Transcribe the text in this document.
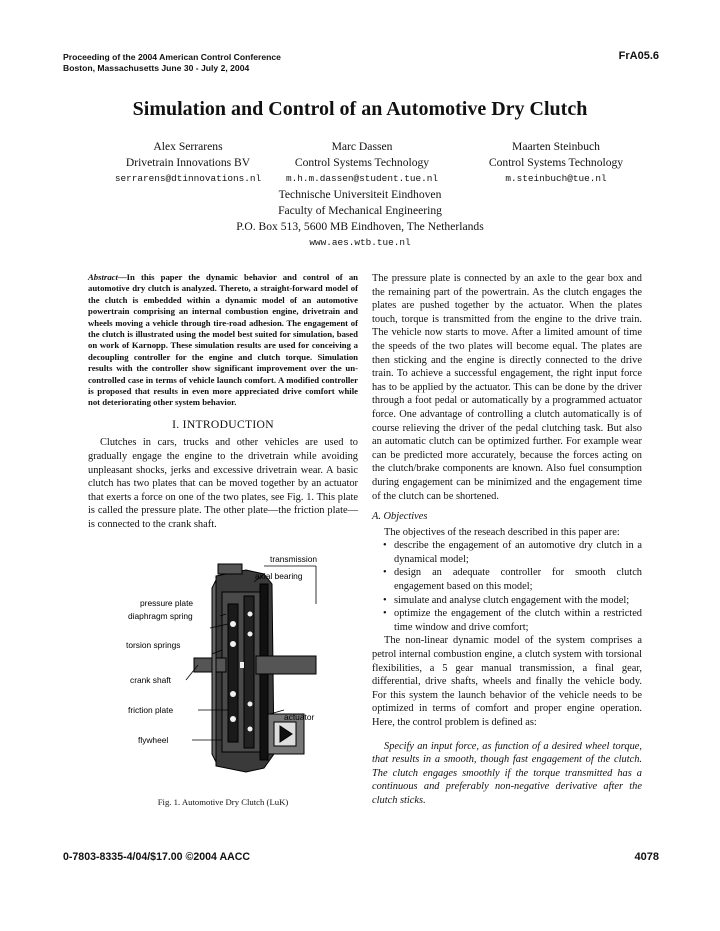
Proceeding of the 2004 American Control Conference
Boston, Massachusetts June 30 - July 2, 2004
FrA05.6
Simulation and Control of an Automotive Dry Clutch
Alex Serrarens
Drivetrain Innovations BV
serrarens@dtinnovations.nl
Marc Dassen
Control Systems Technology
m.h.m.dassen@student.tue.nl
Maarten Steinbuch
Control Systems Technology
m.steinbuch@tue.nl
Technische Universiteit Eindhoven
Faculty of Mechanical Engineering
P.O. Box 513, 5600 MB Eindhoven, The Netherlands
www.aes.wtb.tue.nl

Abstract—In this paper the dynamic behavior and control of an automotive dry clutch is analyzed. Thereto, a straight-forward model of the clutch is embedded within a dynamic model of an automotive powertrain comprising an internal combustion engine, drivetrain and wheels moving a vehicle through tire-road adhesion. The engagement of the clutch is illustrated using the model best suited for simulation, based on work of Karnopp. These simulation results are used for conceiving a decoupling controller for the engine and clutch torque. Simulation results with the controller show significant improvement over the un-controlled case in terms of vehicle launch comfort. A modified controller is proposed that results in even more appreciated drive comfort while not deteriorating other system behavior.

I. INTRODUCTION

Clutches in cars, trucks and other vehicles are used to gradually engage the engine to the drivetrain while avoiding unpleasant shocks, jerks and excessive drivetrain wear. A basic clutch has two plates that can be moved together by an actuator that exerts a force on one of the two plates, see Fig. 1. This plate is called the pressure plate. The other plate—the friction plate—is connected to the crank shaft.

transmission
axial bearing
pressure plate
diaphragm spring
torsion springs
crank shaft
friction plate
flywheel
actuator
Fig. 1. Automotive Dry Clutch (LuK)

The pressure plate is connected by an axle to the gear box and the remaining part of the powertrain. As the clutch engages the plates are pushed together by the actuator. When the plates touch, torque is transmitted from the engine to the drive train. The vehicle now starts to move. After a limited amount of time the speeds of the two plates will become equal. The plates are then sticking and the engine is directly connected to the drive train. To achieve a successful engagement, the right input force has to be applied by the actuator. This can be done by the driver through a foot pedal or automatically by a programmed actuator force. One advantage of controlling a clutch automatically is of course relieving the driver of the pedal clutching task. But also an automatic clutch can be optimized further. For example wear can be predicted more accurately, because the forces acting on the clutch/brake components are known. Also fuel consumption during engagement can be minimized and the engagement time of the clutch can be shortened.

A. Objectives

The objectives of the reseach described in this paper are:

• describe the engagement of an automotive dry clutch in a dynamical model;
• design an adequate controller for smooth clutch engagement based on this model;
• simulate and analyse clutch engagement with the model;
• optimize the engagement of the clutch within a restricted time window and drive comfort;

The non-linear dynamic model of the system comprises a petrol internal combustion engine, a clutch system with torsional flexibilities, a 5 gear manual transmission, a final gear, differential, drive shafts, wheels and finally the vehicle body. For this system the launch behavior of the vehicle needs to be optimized in terms of comfort and proper engine operation. Here, the control problem is defined as:

Specify an input force, as function of a desired wheel torque, that results in a smooth, though fast engagement of the clutch. The clutch engages smoothly if the torque transmitted has a continuous and preferably non-negative derivative after the clutch sticks.

0-7803-8335-4/04/$17.00 ©2004 AACC	4078
